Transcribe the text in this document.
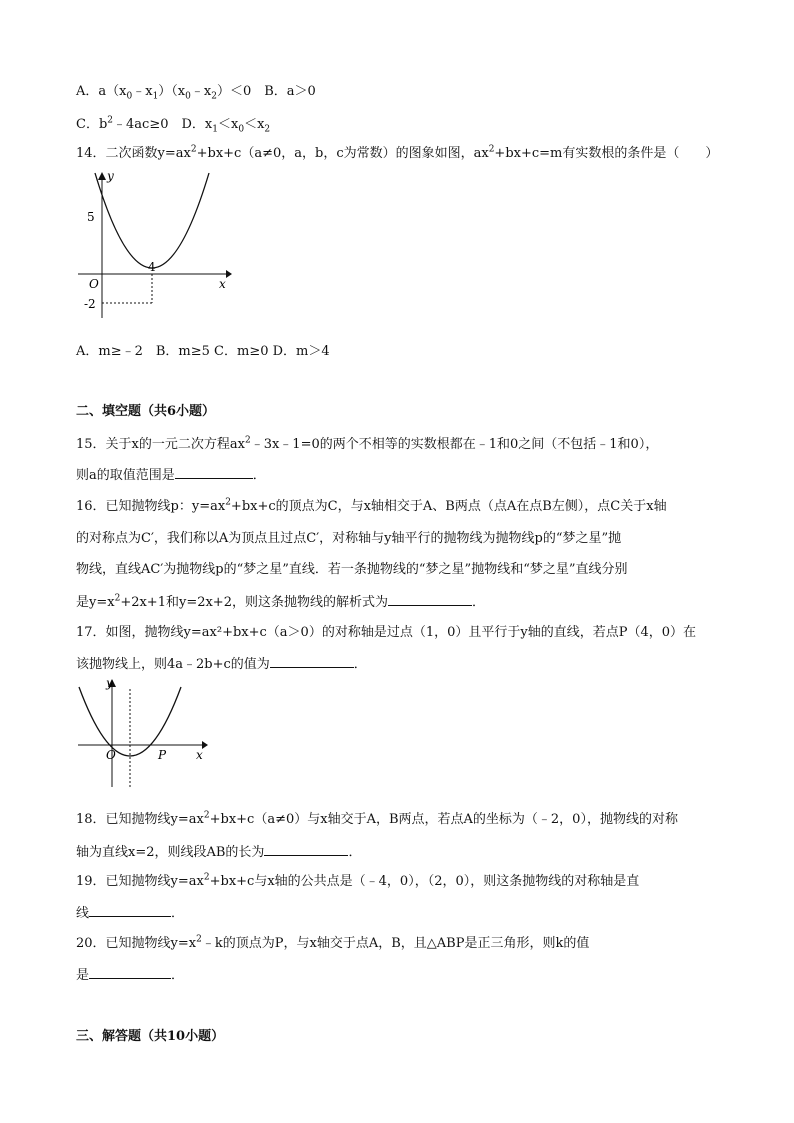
A．$a(x_0﹣x_1)(x_0﹣x_2)<0$　B．a＞0
C．$b^2﹣4ac\ge 0$　D．$x_1<x_0<x_2$
14．二次函数$y=ax^2+bx+c(a\ne 0$，a，b，c为常数）的图象如图，$ax^2+bx+c=m$有实数根的条件是（　　）
y
x
O
5
4
-2
A．m≥﹣2　B．m≥5 C．m≥0 D．m＞4
二、填空题（共6小题）
15．关于x的一元二次方程$ax^2﹣3x﹣1=0$的两个不相等的实数根都在﹣1和0之间（不包括﹣1和0），
则a的取值范围是	．
16．已知抛物线p：$y=ax^2+bx+c$的顶点为C，与x轴相交于A、B两点（点A在点B左侧），点C关于x轴
的对称点为C′，我们称以A为顶点且过点C′，对称轴与y轴平行的抛物线为抛物线p的“梦之星”抛
物线，直线AC′为抛物线p的“梦之星”直线．若一条抛物线的“梦之星”抛物线和“梦之星”直线分别
是$y=x^2+2x+1$和y=2x+2，则这条抛物线的解析式为	．
17．如图，抛物线y=ax²+bx+c（a＞0）的对称轴是过点（1，0）且平行于y轴的直线，若点P（4，0）在
该抛物线上，则4a﹣2b+c的值为	．
y
x
O	P
18．已知抛物线$y=ax^2+bx+c(a\ne 0)$与x轴交于A，B两点，若点A的坐标为（﹣2，0），抛物线的对称
轴为直线x=2，则线段AB的长为	．
19．已知抛物线$y=ax^2+bx+c$与x轴的公共点是（﹣4，0），（2，0），则这条抛物线的对称轴是直
线	．
20．已知抛物线$y=x^2﹣k$的顶点为P，与x轴交于点A，B，且△ABP是正三角形，则k的值
是	．
三、解答题（共10小题）
